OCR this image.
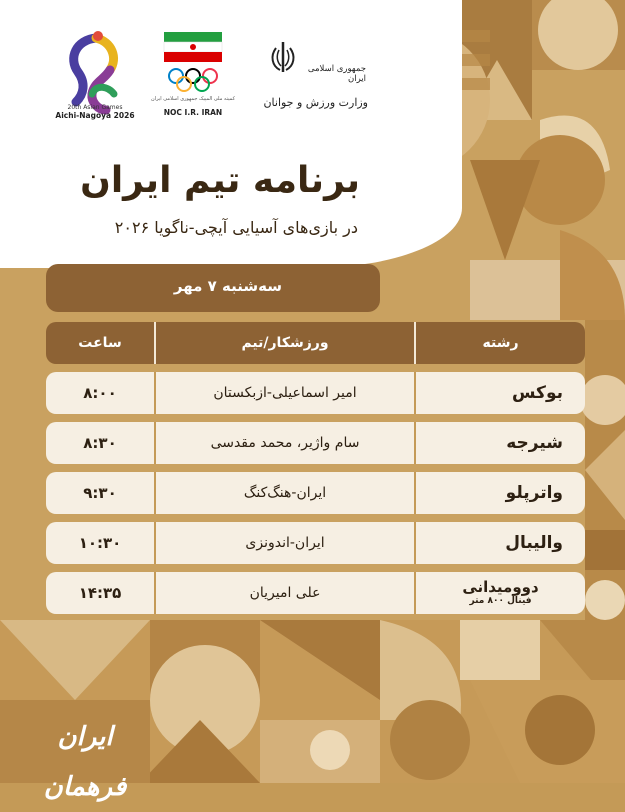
20th Asian Games
Aichi-Nagoya 2026
کمیته ملی المپیک جمهوری اسلامی ایران
NOC I.R. IRAN
جمهوری اسلامی ایران
وزارت ورزش و جوانان
برنامه تیم ایران
در بازی‌های آسیایی آیچی-ناگویا ۲۰۲۶
سه‌شنبه ۷ مهر
رشته
ورزشکار/تیم
ساعت
بوکس
امیر اسماعیلی-ازبکستان
۸:۰۰
شیرجه
سام واژیر، محمد مقدسی
۸:۳۰
واترپلو
ایران-هنگ‌کنگ
۹:۳۰
والیبال
ایران-اندونزی
۱۰:۳۰
دوومیدانی
فینال ۸۰۰ متر
علی امیریان
۱۴:۳۵
ایران فرهمان
